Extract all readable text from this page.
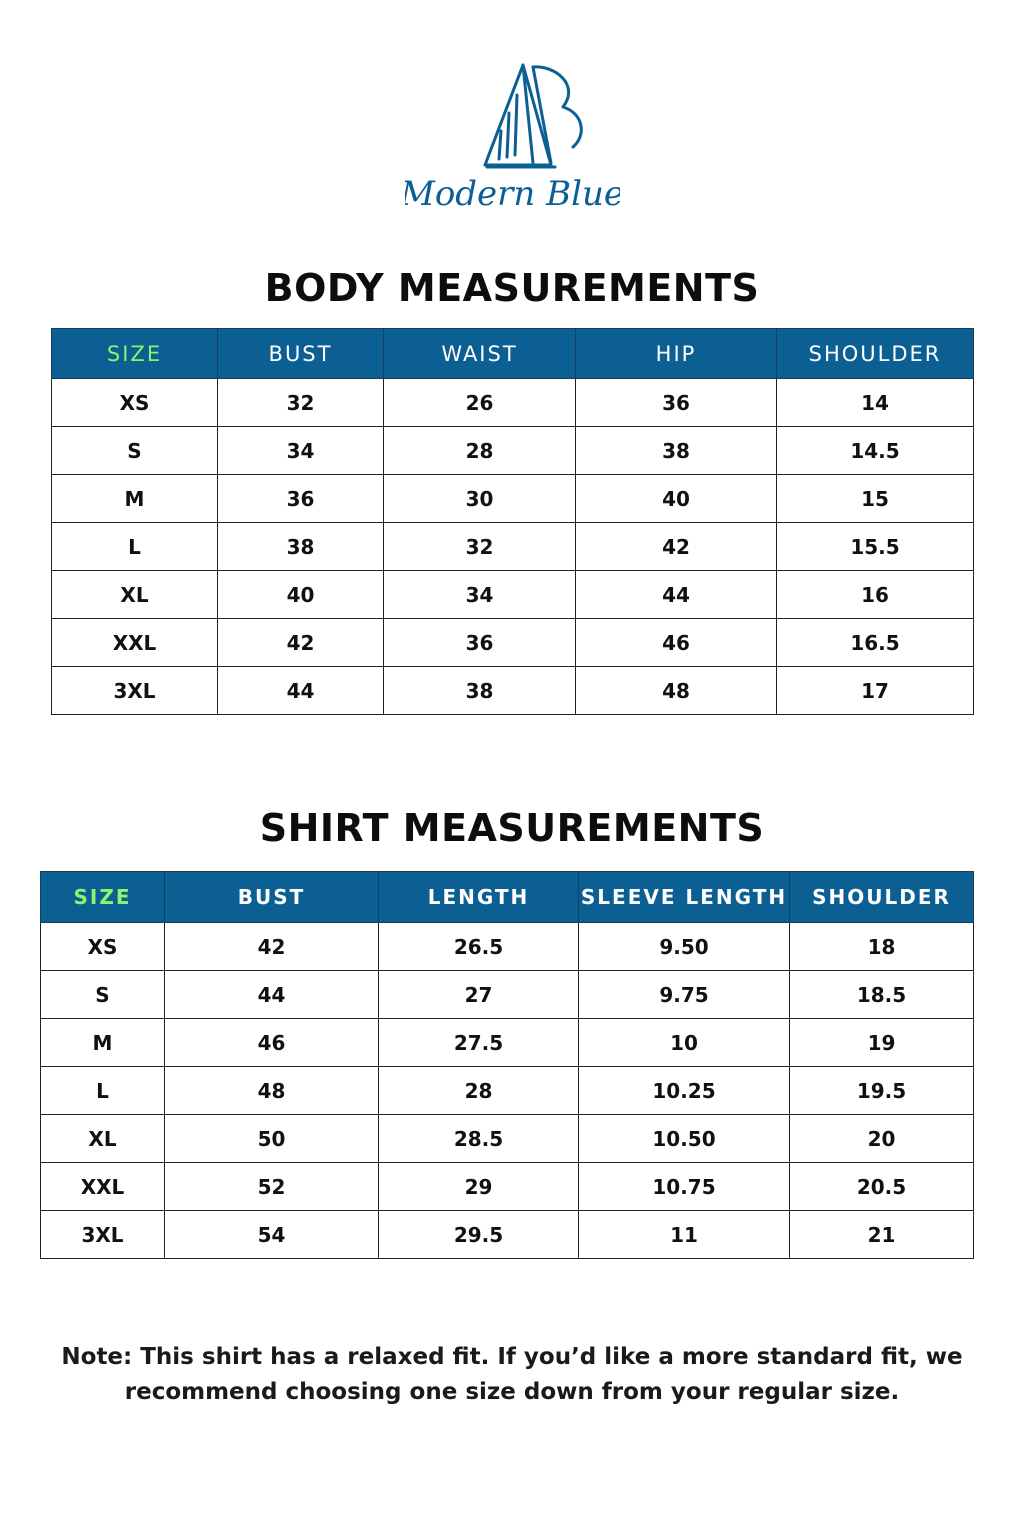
Modern Blue
BODY MEASUREMENTS
SIZE	BUST	WAIST	HIP	SHOULDER
XS	32	26	36	14
S	34	28	38	14.5
M	36	30	40	15
L	38	32	42	15.5
XL	40	34	44	16
XXL	42	36	46	16.5
3XL	44	38	48	17
SHIRT MEASUREMENTS
SIZE	BUST	LENGTH	SLEEVE LENGTH	SHOULDER
XS	42	26.5	9.50	18
S	44	27	9.75	18.5
M	46	27.5	10	19
L	48	28	10.25	19.5
XL	50	28.5	10.50	20
XXL	52	29	10.75	20.5
3XL	54	29.5	11	21

Note: This shirt has a relaxed fit. If you’d like a more standard fit, we recommend choosing one size down from your regular size.
